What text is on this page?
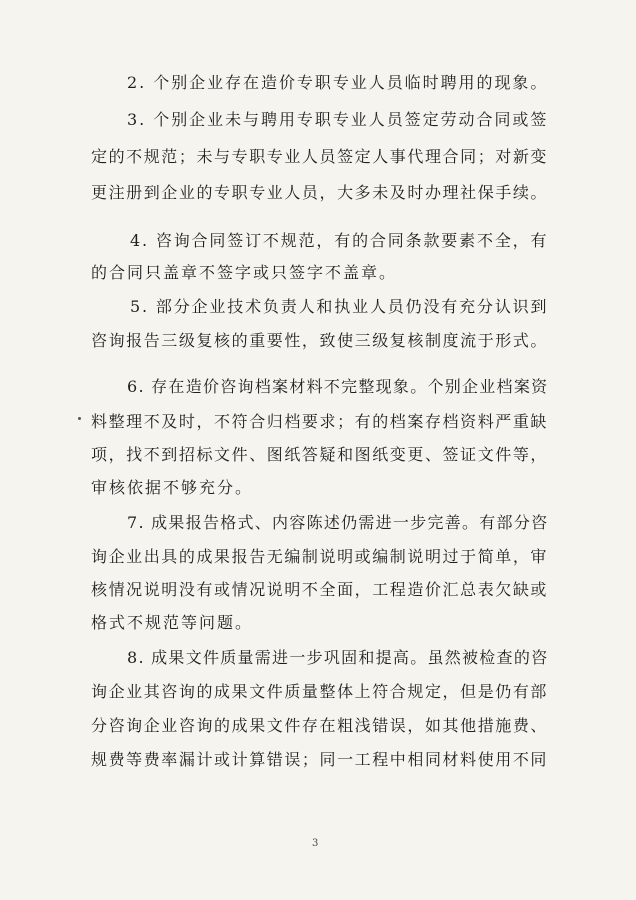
2. 个别企业存在造价专职专业人员临时聘用的现象。
3. 个别企业未与聘用专职专业人员签定劳动合同或签
定的不规范；未与专职专业人员签定人事代理合同；对新变
更注册到企业的专职专业人员，大多未及时办理社保手续。
4. 咨询合同签订不规范，有的合同条款要素不全，有
的合同只盖章不签字或只签字不盖章。
5. 部分企业技术负责人和执业人员仍没有充分认识到
咨询报告三级复核的重要性，致使三级复核制度流于形式。
6. 存在造价咨询档案材料不完整现象。个别企业档案资
料整理不及时，不符合归档要求；有的档案存档资料严重缺
项，找不到招标文件、图纸答疑和图纸变更、签证文件等，
审核依据不够充分。
7. 成果报告格式、内容陈述仍需进一步完善。有部分咨
询企业出具的成果报告无编制说明或编制说明过于简单，审
核情况说明没有或情况说明不全面，工程造价汇总表欠缺或
格式不规范等问题。
8. 成果文件质量需进一步巩固和提高。虽然被检查的咨
询企业其咨询的成果文件质量整体上符合规定，但是仍有部
分咨询企业咨询的成果文件存在粗浅错误，如其他措施费、
规费等费率漏计或计算错误；同一工程中相同材料使用不同
3
